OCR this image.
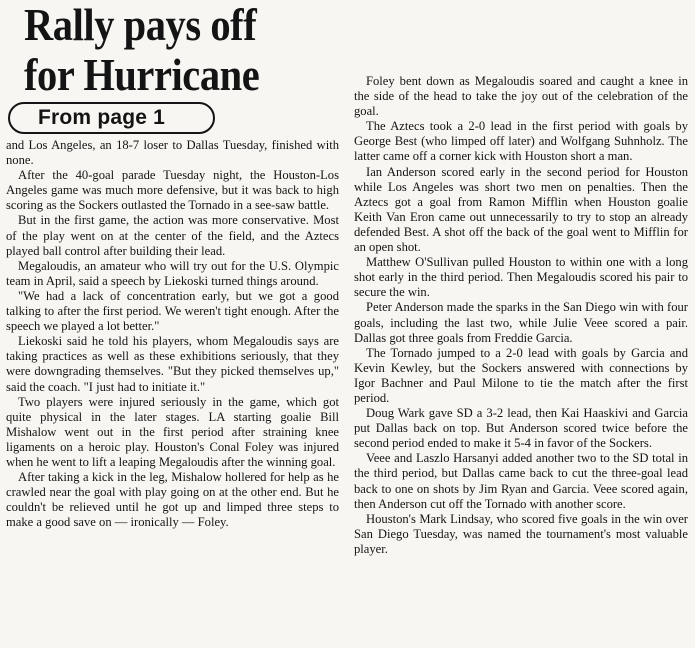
Rally pays off
for Hurricane
From page 1

and Los Angeles, an 18-7 loser to Dallas Tuesday, finished with none.

After the 40-goal parade Tuesday night, the Houston-Los Angeles game was much more defensive, but it was back to high scoring as the Sockers outlasted the Tornado in a see-saw battle.

But in the first game, the action was more conservative. Most of the play went on at the center of the field, and the Aztecs played ball control after building their lead.

Megaloudis, an amateur who will try out for the U.S. Olympic team in April, said a speech by Liekoski turned things around.

"We had a lack of concentration early, but we got a good talking to after the first period. We weren't tight enough. After the speech we played a lot better."

Liekoski said he told his players, whom Megaloudis says are taking practices as well as these exhibitions seriously, that they were downgrading themselves. "But they picked themselves up," said the coach. "I just had to initiate it."

Two players were injured seriously in the game, which got quite physical in the later stages. LA starting goalie Bill Mishalow went out in the first period after straining knee ligaments on a heroic play. Houston's Conal Foley was injured when he went to lift a leaping Megaloudis after the winning goal.

After taking a kick in the leg, Mishalow hollered for help as he crawled near the goal with play going on at the other end. But he couldn't be relieved until he got up and limped three steps to make a good save on — ironically — Foley.

Foley bent down as Megaloudis soared and caught a knee in the side of the head to take the joy out of the celebration of the goal.

The Aztecs took a 2-0 lead in the first period with goals by George Best (who limped off later) and Wolfgang Suhnholz. The latter came off a corner kick with Houston short a man.

Ian Anderson scored early in the second period for Houston while Los Angeles was short two men on penalties. Then the Aztecs got a goal from Ramon Mifflin when Houston goalie Keith Van Eron came out unnecessarily to try to stop an already defended Best. A shot off the back of the goal went to Mifflin for an open shot.

Matthew O'Sullivan pulled Houston to within one with a long shot early in the third period. Then Megaloudis scored his pair to secure the win.

Peter Anderson made the sparks in the San Diego win with four goals, including the last two, while Julie Veee scored a pair. Dallas got three goals from Freddie Garcia.

The Tornado jumped to a 2-0 lead with goals by Garcia and Kevin Kewley, but the Sockers answered with connections by Igor Bachner and Paul Milone to tie the match after the first period.

Doug Wark gave SD a 3-2 lead, then Kai Haaskivi and Garcia put Dallas back on top. But Anderson scored twice before the second period ended to make it 5-4 in favor of the Sockers.

Veee and Laszlo Harsanyi added another two to the SD total in the third period, but Dallas came back to cut the three-goal lead back to one on shots by Jim Ryan and Garcia. Veee scored again, then Anderson cut off the Tornado with another score.

Houston's Mark Lindsay, who scored five goals in the win over San Diego Tuesday, was named the tournament's most valuable player.
